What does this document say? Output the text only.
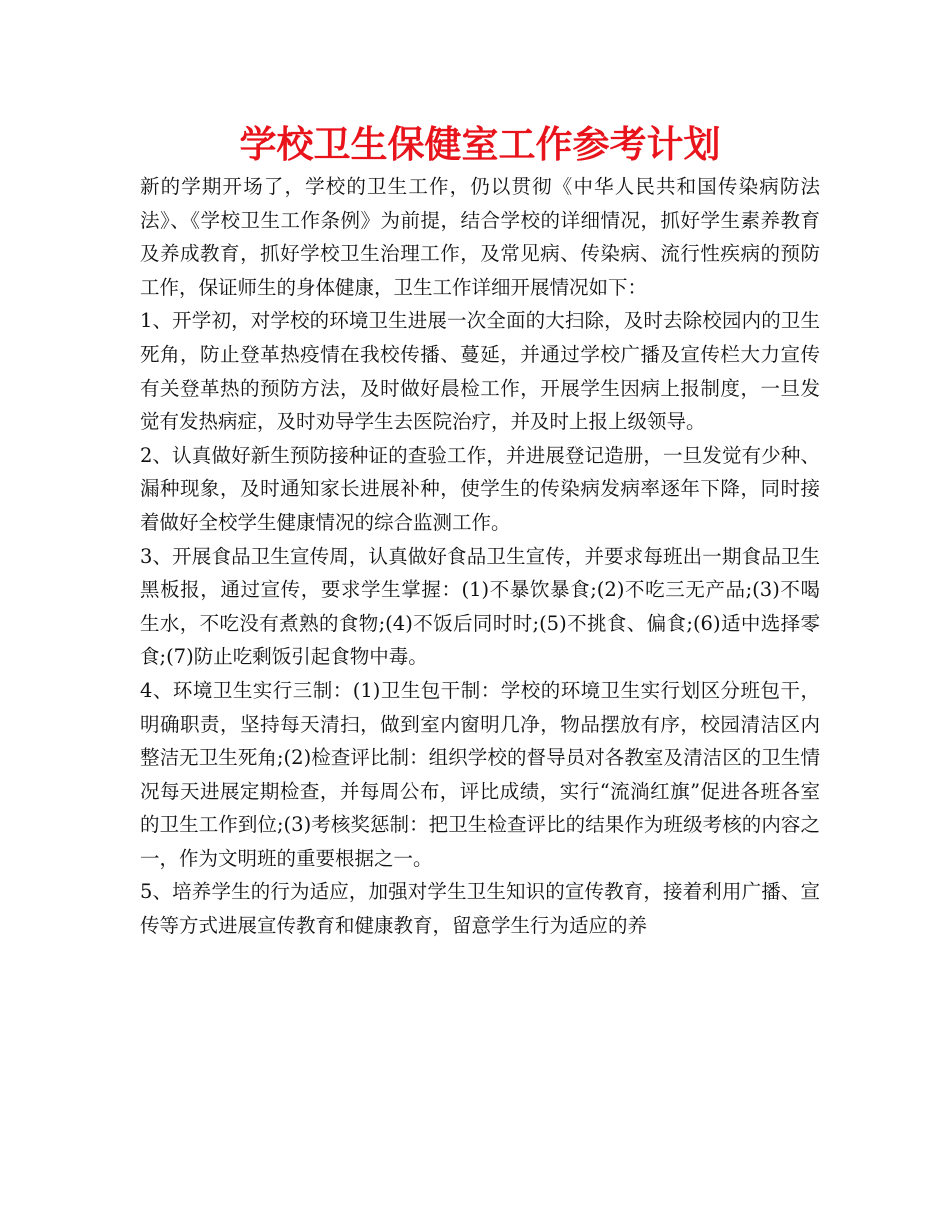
学校卫生保健室工作参考计划

新的学期开场了，学校的卫生工作，仍以贯彻《中华人民共和国传染病防法法》、《学校卫生工作条例》为前提，结合学校的详细情况，抓好学生素养教育及养成教育，抓好学校卫生治理工作，及常见病、传染病、流行性疾病的预防工作，保证师生的身体健康，卫生工作详细开展情况如下：

1、开学初，对学校的环境卫生进展一次全面的大扫除，及时去除校园内的卫生死角，防止登革热疫情在我校传播、蔓延，并通过学校广播及宣传栏大力宣传有关登革热的预防方法，及时做好晨检工作，开展学生因病上报制度，一旦发觉有发热病症，及时劝导学生去医院治疗，并及时上报上级领导。

2、认真做好新生预防接种证的查验工作，并进展登记造册，一旦发觉有少种、漏种现象，及时通知家长进展补种，使学生的传染病发病率逐年下降，同时接着做好全校学生健康情况的综合监测工作。

3、开展食品卫生宣传周，认真做好食品卫生宣传，并要求每班出一期食品卫生黑板报，通过宣传，要求学生掌握：(1)不暴饮暴食;(2)不吃三无产品;(3)不喝生水，不吃没有煮熟的食物;(4)不饭后同时时;(5)不挑食、偏食;(6)适中选择零食;(7)防止吃剩饭引起食物中毒。

4、环境卫生实行三制：(1)卫生包干制：学校的环境卫生实行划区分班包干，明确职责，坚持每天清扫，做到室内窗明几净，物品摆放有序，校园清洁区内整洁无卫生死角;(2)检查评比制：组织学校的督导员对各教室及清洁区的卫生情况每天进展定期检查，并每周公布，评比成绩，实行“流淌红旗”促进各班各室的卫生工作到位;(3)考核奖惩制：把卫生检查评比的结果作为班级考核的内容之一，作为文明班的重要根据之一。

5、培养学生的行为适应，加强对学生卫生知识的宣传教育，接着利用广播、宣传等方式进展宣传教育和健康教育，留意学生行为适应的养
